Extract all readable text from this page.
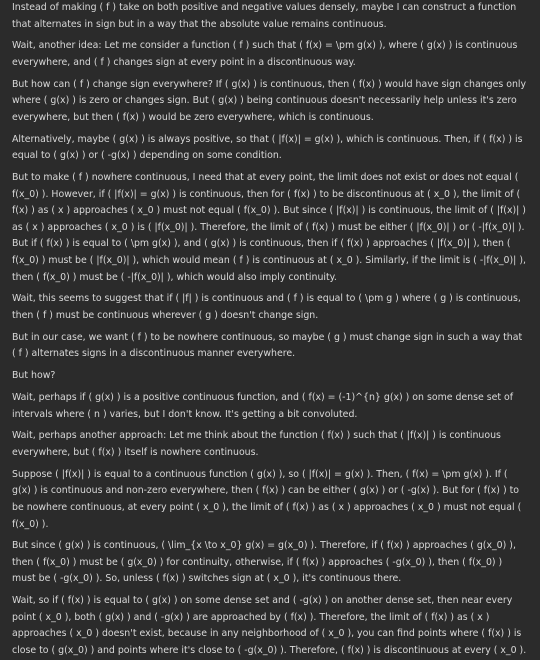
Instead of making ( f ) take on both positive and negative values densely, maybe I can construct a function that alternates in sign but in a way that the absolute value remains continuous.

Wait, another idea: Let me consider a function ( f ) such that ( f(x) = \pm g(x) ), where ( g(x) ) is continuous everywhere, and ( f ) changes sign at every point in a discontinuous way.

But how can ( f ) change sign everywhere? If ( g(x) ) is continuous, then ( f(x) ) would have sign changes only where ( g(x) ) is zero or changes sign. But ( g(x) ) being continuous doesn't necessarily help unless it's zero everywhere, but then ( f(x) ) would be zero everywhere, which is continuous.

Alternatively, maybe ( g(x) ) is always positive, so that ( |f(x)| = g(x) ), which is continuous. Then, if ( f(x) ) is equal to ( g(x) ) or ( -g(x) ) depending on some condition.

But to make ( f ) nowhere continuous, I need that at every point, the limit does not exist or does not equal ( f(x_0) ). However, if ( |f(x)| = g(x) ) is continuous, then for ( f(x) ) to be discontinuous at ( x_0 ), the limit of ( f(x) ) as ( x ) approaches ( x_0 ) must not equal ( f(x_0) ). But since ( |f(x)| ) is continuous, the limit of ( |f(x)| ) as ( x ) approaches ( x_0 ) is ( |f(x_0)| ). Therefore, the limit of ( f(x) ) must be either ( |f(x_0)| ) or ( -|f(x_0)| ). But if ( f(x) ) is equal to ( \pm g(x) ), and ( g(x) ) is continuous, then if ( f(x) ) approaches ( |f(x_0)| ), then ( f(x_0) ) must be ( |f(x_0)| ), which would mean ( f ) is continuous at ( x_0 ). Similarly, if the limit is ( -|f(x_0)| ), then ( f(x_0) ) must be ( -|f(x_0)| ), which would also imply continuity.

Wait, this seems to suggest that if ( |f| ) is continuous and ( f ) is equal to ( \pm g ) where ( g ) is continuous, then ( f ) must be continuous wherever ( g ) doesn't change sign.

But in our case, we want ( f ) to be nowhere continuous, so maybe ( g ) must change sign in such a way that ( f ) alternates signs in a discontinuous manner everywhere.

But how?

Wait, perhaps if ( g(x) ) is a positive continuous function, and ( f(x) = (-1)^{n} g(x) ) on some dense set of intervals where ( n ) varies, but I don't know. It's getting a bit convoluted.

Wait, perhaps another approach: Let me think about the function ( f(x) ) such that ( |f(x)| ) is continuous everywhere, but ( f(x) ) itself is nowhere continuous.

Suppose ( |f(x)| ) is equal to a continuous function ( g(x) ), so ( |f(x)| = g(x) ). Then, ( f(x) = \pm g(x) ). If ( g(x) ) is continuous and non-zero everywhere, then ( f(x) ) can be either ( g(x) ) or ( -g(x) ). But for ( f(x) ) to be nowhere continuous, at every point ( x_0 ), the limit of ( f(x) ) as ( x ) approaches ( x_0 ) must not equal ( f(x_0) ).

But since ( g(x) ) is continuous, ( \lim_{x \to x_0} g(x) = g(x_0) ). Therefore, if ( f(x) ) approaches ( g(x_0) ), then ( f(x_0) ) must be ( g(x_0) ) for continuity, otherwise, if ( f(x) ) approaches ( -g(x_0) ), then ( f(x_0) ) must be ( -g(x_0) ). So, unless ( f(x) ) switches sign at ( x_0 ), it's continuous there.

Wait, so if ( f(x) ) is equal to ( g(x) ) on some dense set and ( -g(x) ) on another dense set, then near every point ( x_0 ), both ( g(x) ) and ( -g(x) ) are approached by ( f(x) ). Therefore, the limit of ( f(x) ) as ( x ) approaches ( x_0 ) doesn't exist, because in any neighborhood of ( x_0 ), you can find points where ( f(x) ) is close to ( g(x_0) ) and points where it's close to ( -g(x_0) ). Therefore, ( f(x) ) is discontinuous at every ( x_0 ).
